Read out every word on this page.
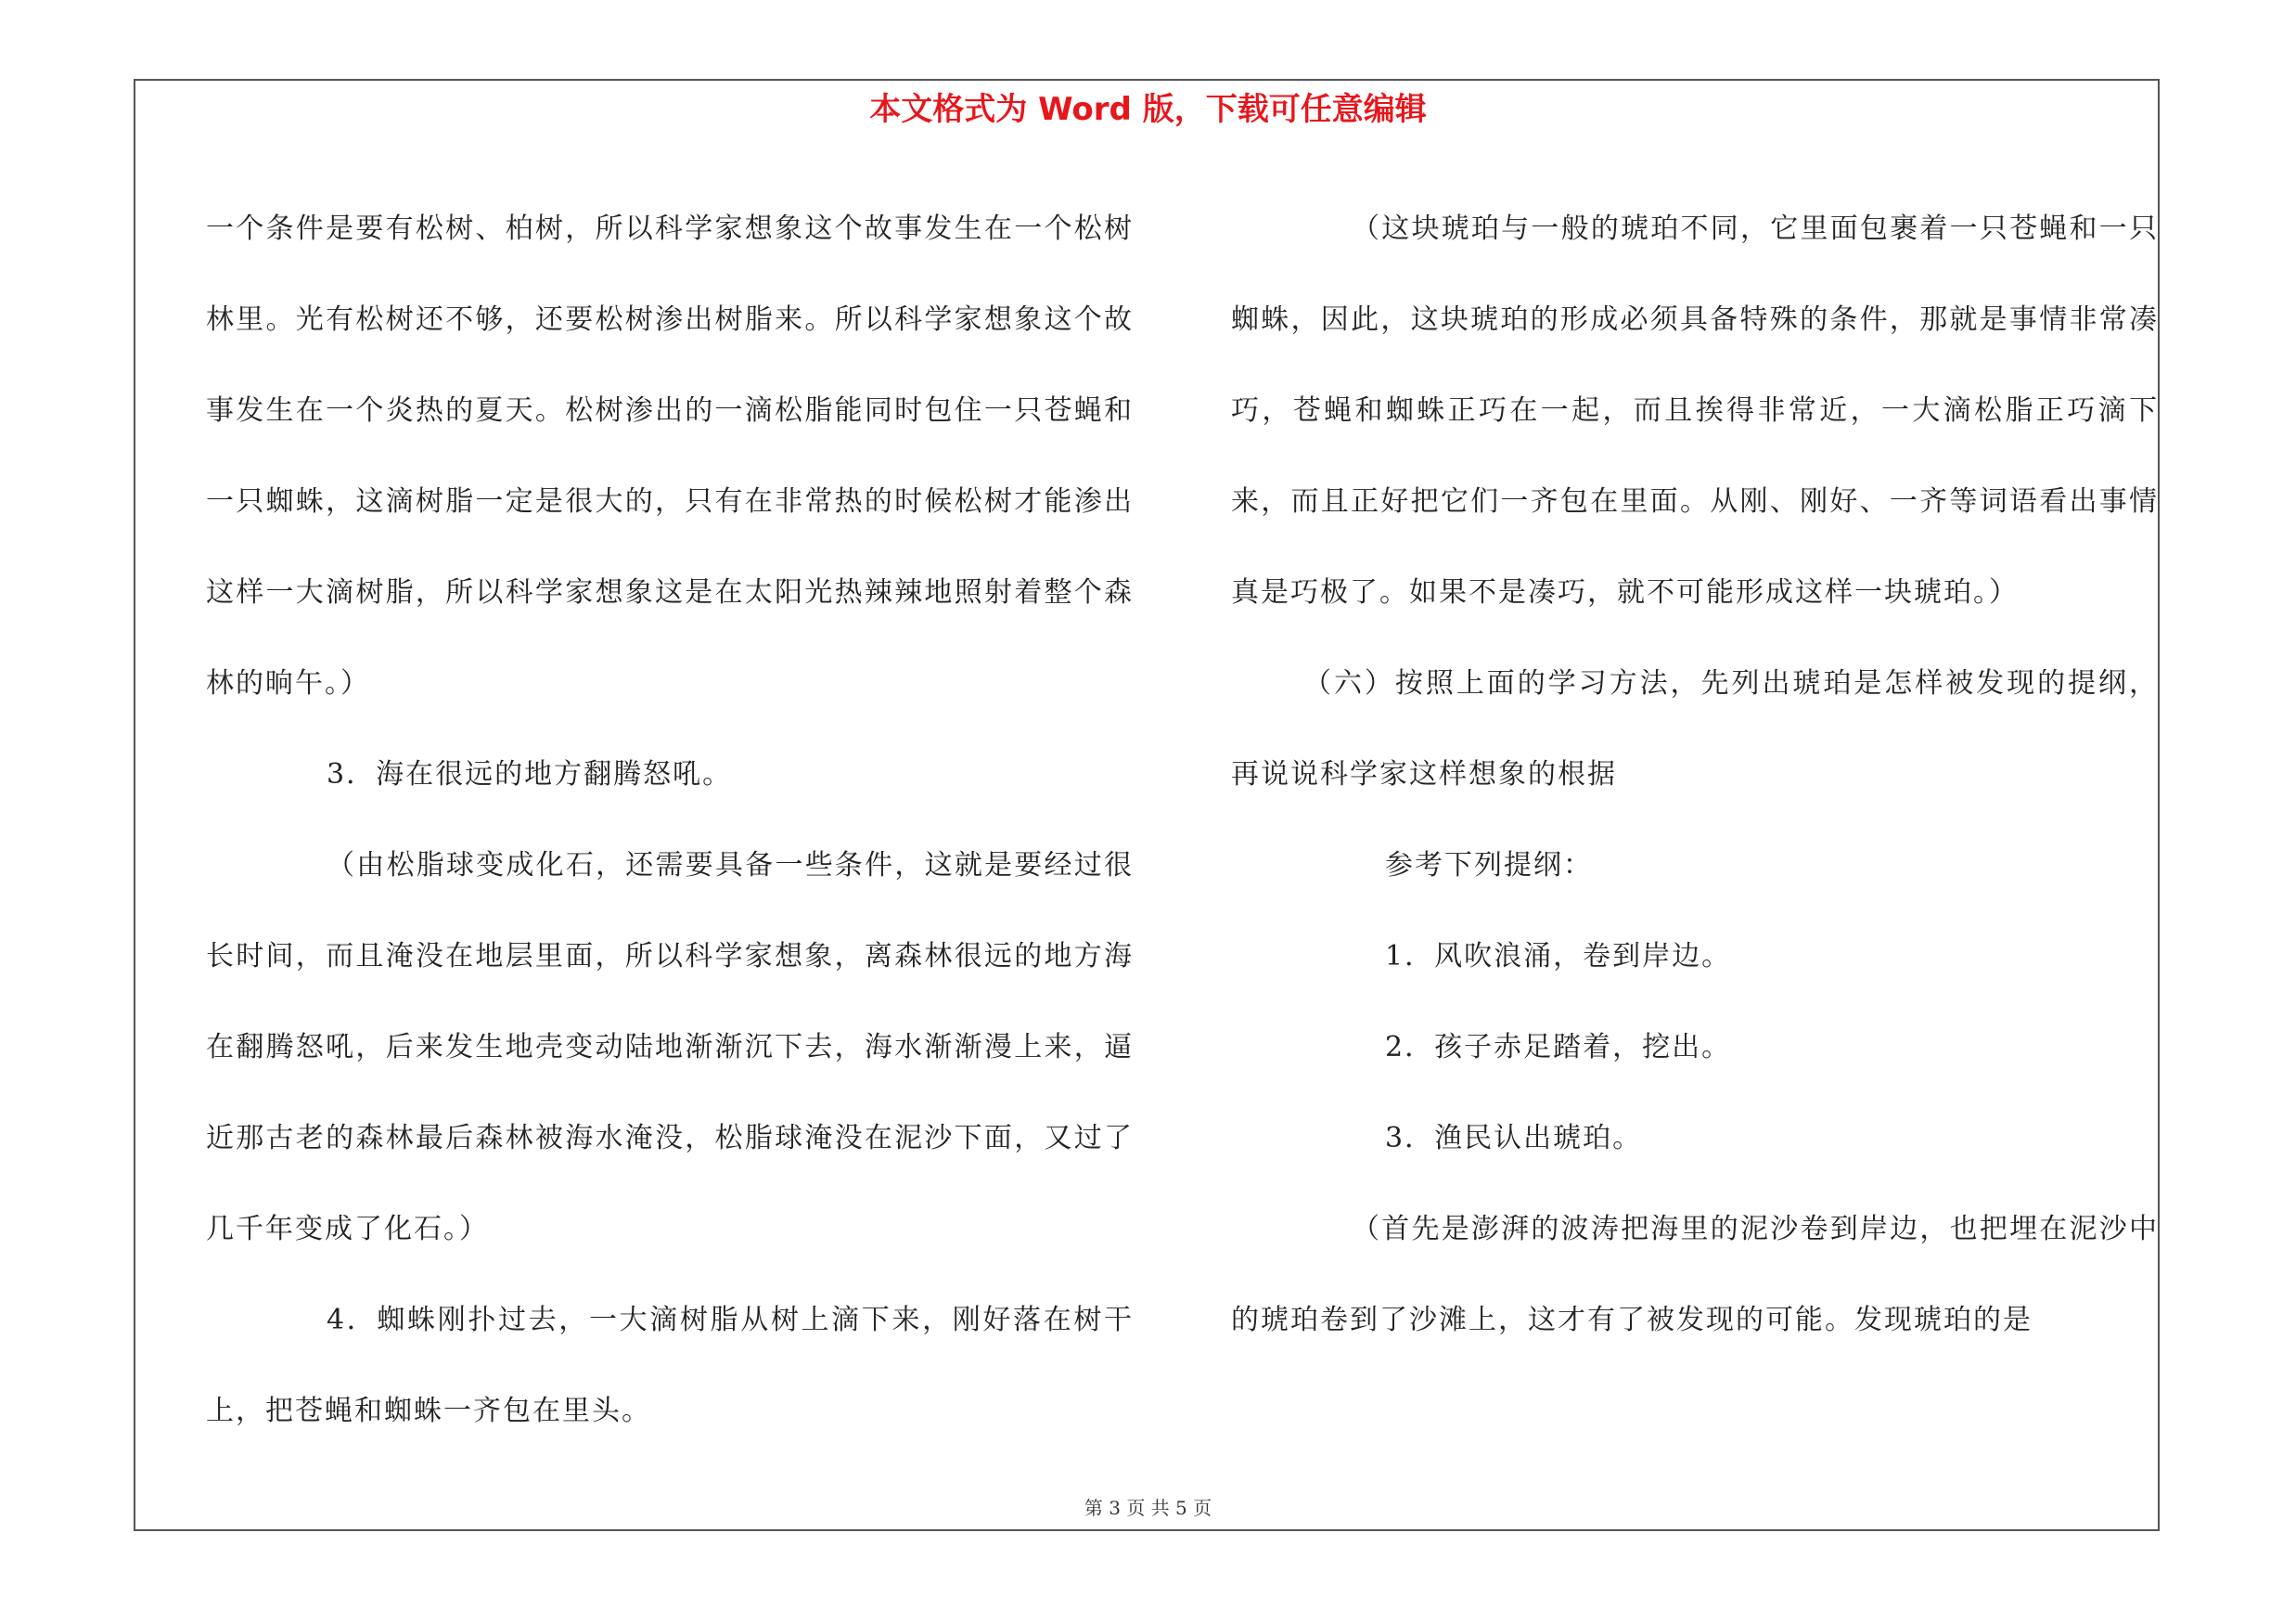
本文格式为 Word 版，下载可任意编辑

一个条件是要有松树、柏树，所以科学家想象这个故事发生在一个松树林里。光有松树还不够，还要松树渗出树脂来。所以科学家想象这个故事发生在一个炎热的夏天。松树渗出的一滴松脂能同时包住一只苍蝇和一只蜘蛛，这滴树脂一定是很大的，只有在非常热的时候松树才能渗出这样一大滴树脂，所以科学家想象这是在太阳光热辣辣地照射着整个森林的晌午。）

3．海在很远的地方翻腾怒吼。

（由松脂球变成化石，还需要具备一些条件，这就是要经过很长时间，而且淹没在地层里面，所以科学家想象，离森林很远的地方海在翻腾怒吼，后来发生地壳变动陆地渐渐沉下去，海水渐渐漫上来，逼近那古老的森林最后森林被海水淹没，松脂球淹没在泥沙下面，又过了几千年变成了化石。）

4．蜘蛛刚扑过去，一大滴树脂从树上滴下来，刚好落在树干上，把苍蝇和蜘蛛一齐包在里头。

（这块琥珀与一般的琥珀不同，它里面包裹着一只苍蝇和一只蜘蛛，因此，这块琥珀的形成必须具备特殊的条件，那就是事情非常凑巧，苍蝇和蜘蛛正巧在一起，而且挨得非常近，一大滴松脂正巧滴下来，而且正好把它们一齐包在里面。从刚、刚好、一齐等词语看出事情真是巧极了。如果不是凑巧，就不可能形成这样一块琥珀。）

（六）按照上面的学习方法，先列出琥珀是怎样被发现的提纲，再说说科学家这样想象的根据

参考下列提纲：

1．风吹浪涌，卷到岸边。

2．孩子赤足踏着，挖出。

3．渔民认出琥珀。

（首先是澎湃的波涛把海里的泥沙卷到岸边，也把埋在泥沙中的琥珀卷到了沙滩上，这才有了被发现的可能。发现琥珀的是

第 3 页 共 5 页
